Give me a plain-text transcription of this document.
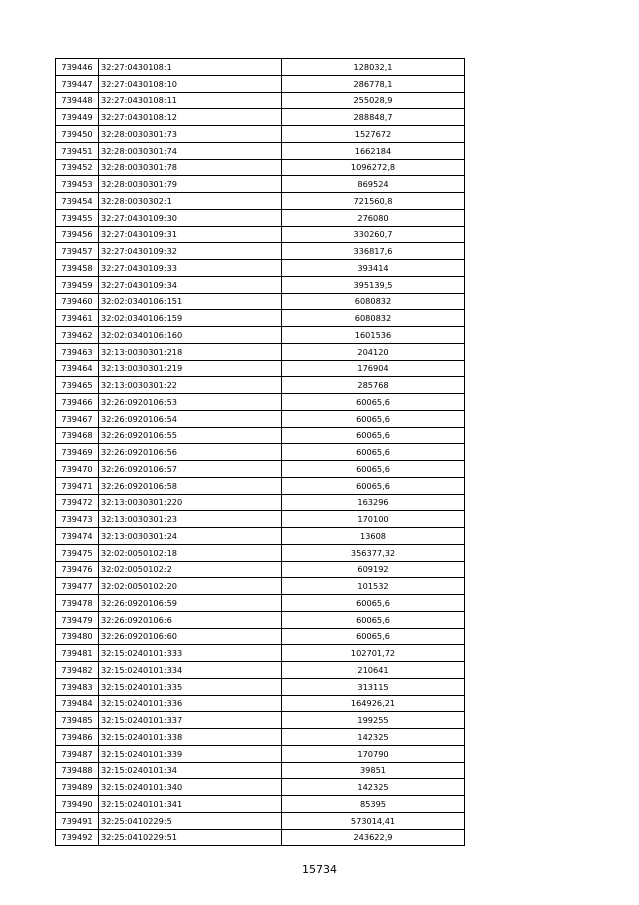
739446	32:27:0430108:1	128032,1
739447	32:27:0430108:10	286778,1
739448	32:27:0430108:11	255028,9
739449	32:27:0430108:12	288848,7
739450	32:28:0030301:73	1527672
739451	32:28:0030301:74	1662184
739452	32:28:0030301:78	1096272,8
739453	32:28:0030301:79	869524
739454	32:28:0030302:1	721560,8
739455	32:27:0430109:30	276080
739456	32:27:0430109:31	330260,7
739457	32:27:0430109:32	336817,6
739458	32:27:0430109:33	393414
739459	32:27:0430109:34	395139,5
739460	32:02:0340106:151	6080832
739461	32:02:0340106:159	6080832
739462	32:02:0340106:160	1601536
739463	32:13:0030301:218	204120
739464	32:13:0030301:219	176904
739465	32:13:0030301:22	285768
739466	32:26:0920106:53	60065,6
739467	32:26:0920106:54	60065,6
739468	32:26:0920106:55	60065,6
739469	32:26:0920106:56	60065,6
739470	32:26:0920106:57	60065,6
739471	32:26:0920106:58	60065,6
739472	32:13:0030301:220	163296
739473	32:13:0030301:23	170100
739474	32:13:0030301:24	13608
739475	32:02:0050102:18	356377,32
739476	32:02:0050102:2	609192
739477	32:02:0050102:20	101532
739478	32:26:0920106:59	60065,6
739479	32:26:0920106:6	60065,6
739480	32:26:0920106:60	60065,6
739481	32:15:0240101:333	102701,72
739482	32:15:0240101:334	210641
739483	32:15:0240101:335	313115
739484	32:15:0240101:336	164926,21
739485	32:15:0240101:337	199255
739486	32:15:0240101:338	142325
739487	32:15:0240101:339	170790
739488	32:15:0240101:34	39851
739489	32:15:0240101:340	142325
739490	32:15:0240101:341	85395
739491	32:25:0410229:5	573014,41
739492	32:25:0410229:51	243622,9
15734
